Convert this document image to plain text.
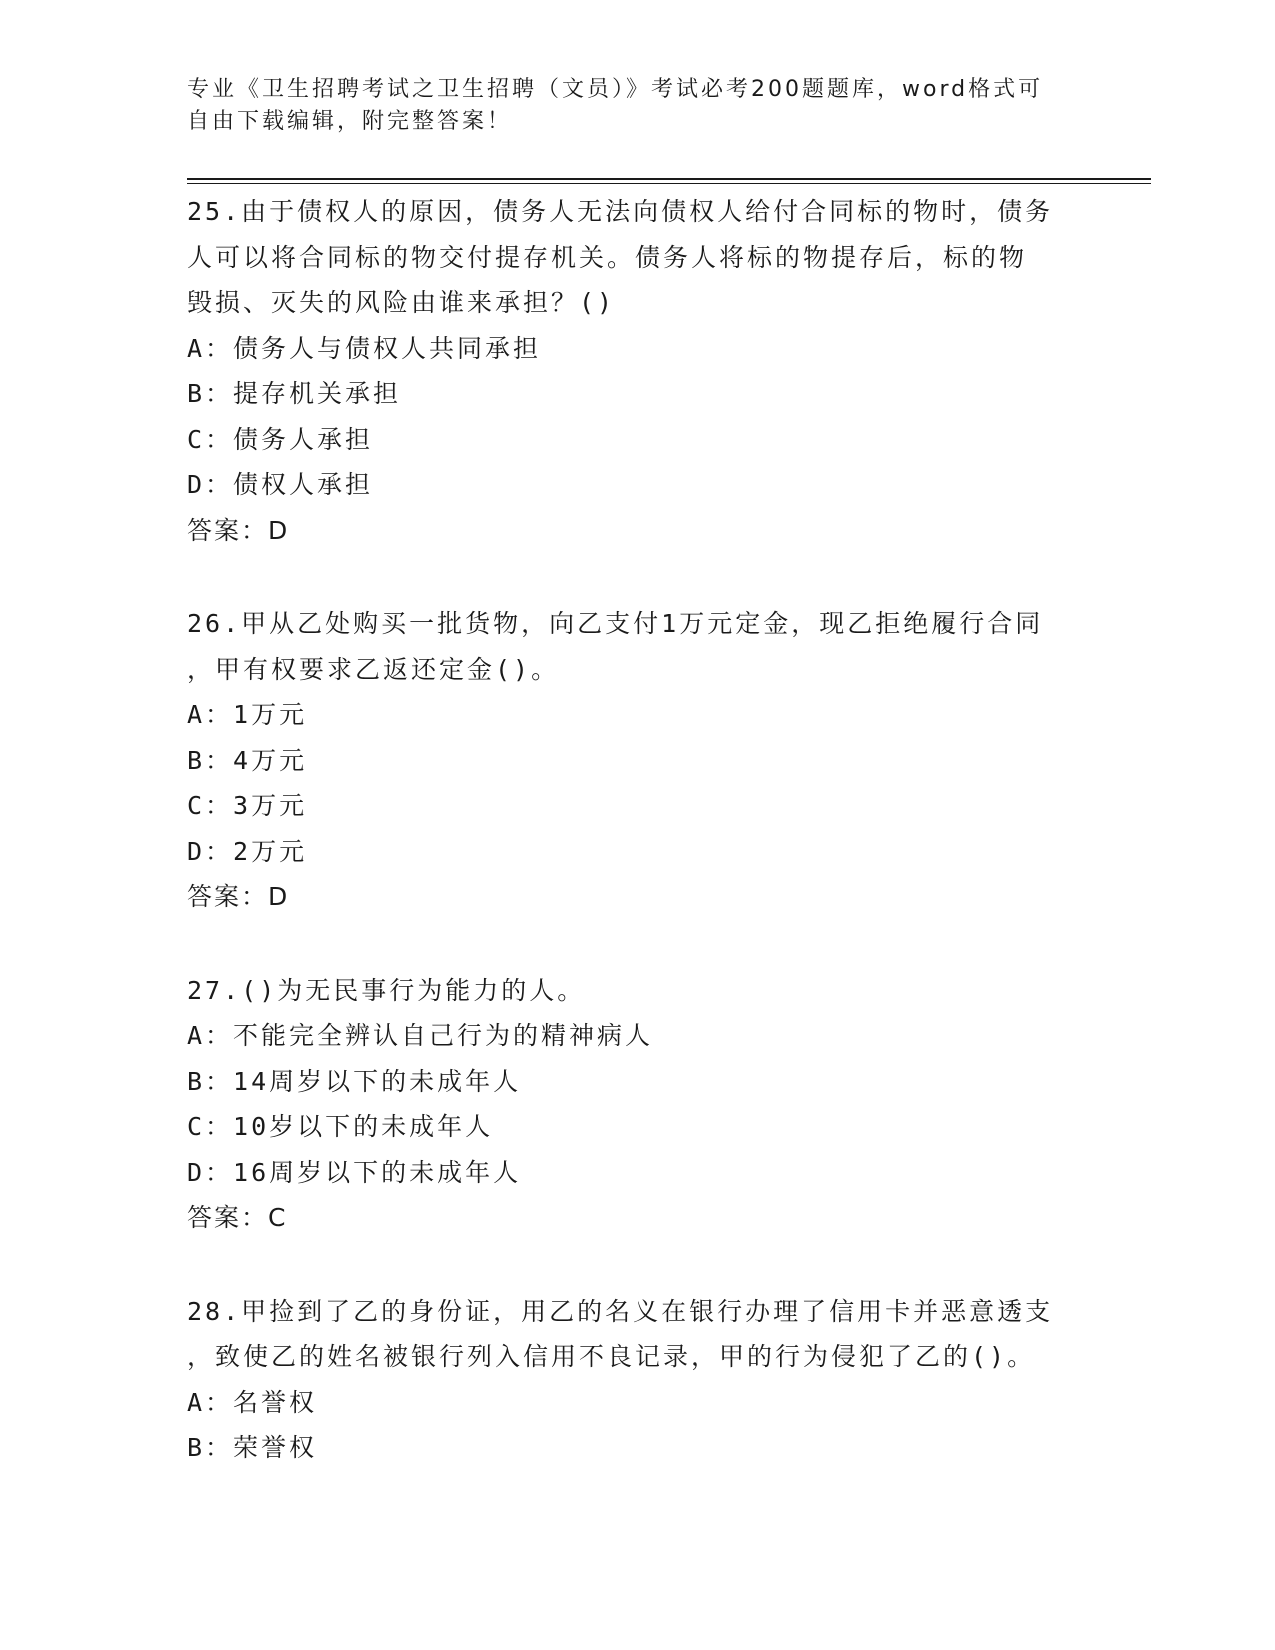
专业《卫生招聘考试之卫生招聘（文员）》考试必考200题题库，word格式可自由下载编辑，附完整答案！

25.由于债权人的原因，债务人无法向债权人给付合同标的物时，债务

人可以将合同标的物交付提存机关。债务人将标的物提存后，标的物

毁损、灭失的风险由谁来承担？()

A：债务人与债权人共同承担

B：提存机关承担

C：债务人承担

D：债权人承担

答案：D

26.甲从乙处购买一批货物，向乙支付1万元定金，现乙拒绝履行合同

，甲有权要求乙返还定金()。

A：1万元

B：4万元

C：3万元

D：2万元

答案：D

27.()为无民事行为能力的人。

A：不能完全辨认自己行为的精神病人

B：14周岁以下的未成年人

C：10岁以下的未成年人

D：16周岁以下的未成年人

答案：C

28.甲捡到了乙的身份证，用乙的名义在银行办理了信用卡并恶意透支

，致使乙的姓名被银行列入信用不良记录，甲的行为侵犯了乙的()。

A：名誉权

B：荣誉权
